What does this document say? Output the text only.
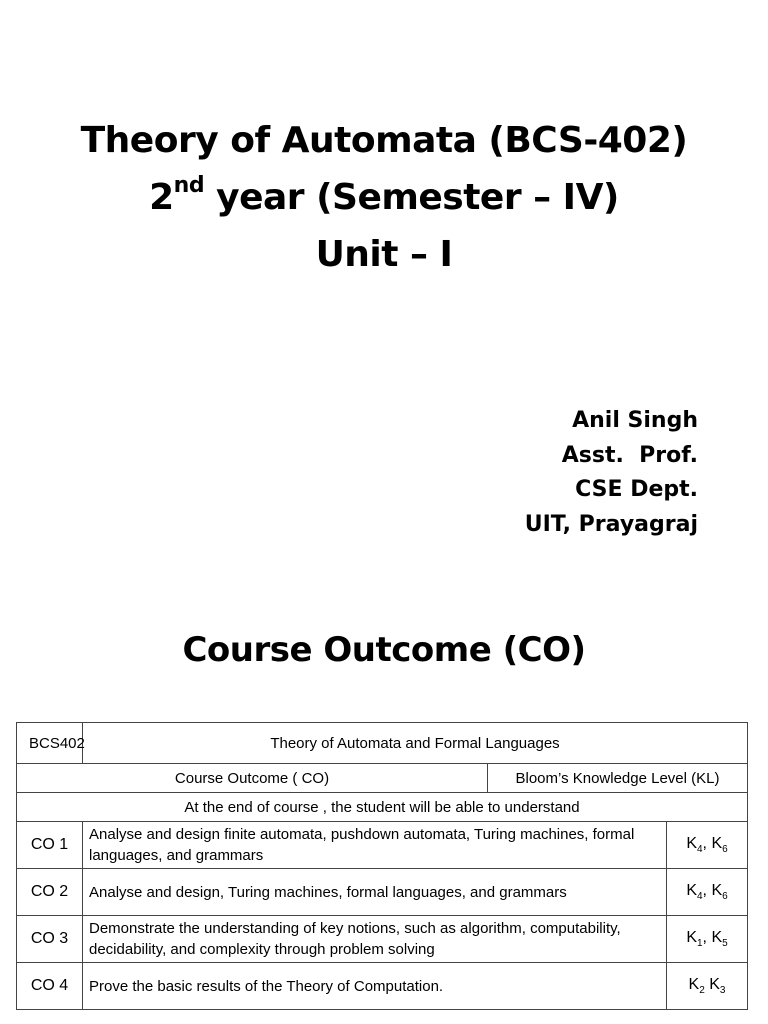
Theory of Automata (BCS-402)
2nd year (Semester – IV)
Unit – I
Anil Singh
Asst.  Prof.
CSE Dept.
UIT, Prayagraj
Course Outcome (CO)
BCS402	Theory of Automata and Formal Languages		
Course Outcome ( CO)		Bloom’s Knowledge Level (KL)	
At the end of course , the student will be able to understand			
CO 1	Analyse and design finite automata, pushdown automata, Turing machines, formal languages, and grammars		$K_4$, $K_6$
CO 2	Analyse and design, Turing machines, formal languages, and grammars		$K_4$, $K_6$
CO 3	Demonstrate the understanding of key notions, such as algorithm, computability, decidability, and complexity through problem solving		$K_1$, $K_5$
CO 4	Prove the basic results of the Theory of Computation.		$K_2$ $K_3$
